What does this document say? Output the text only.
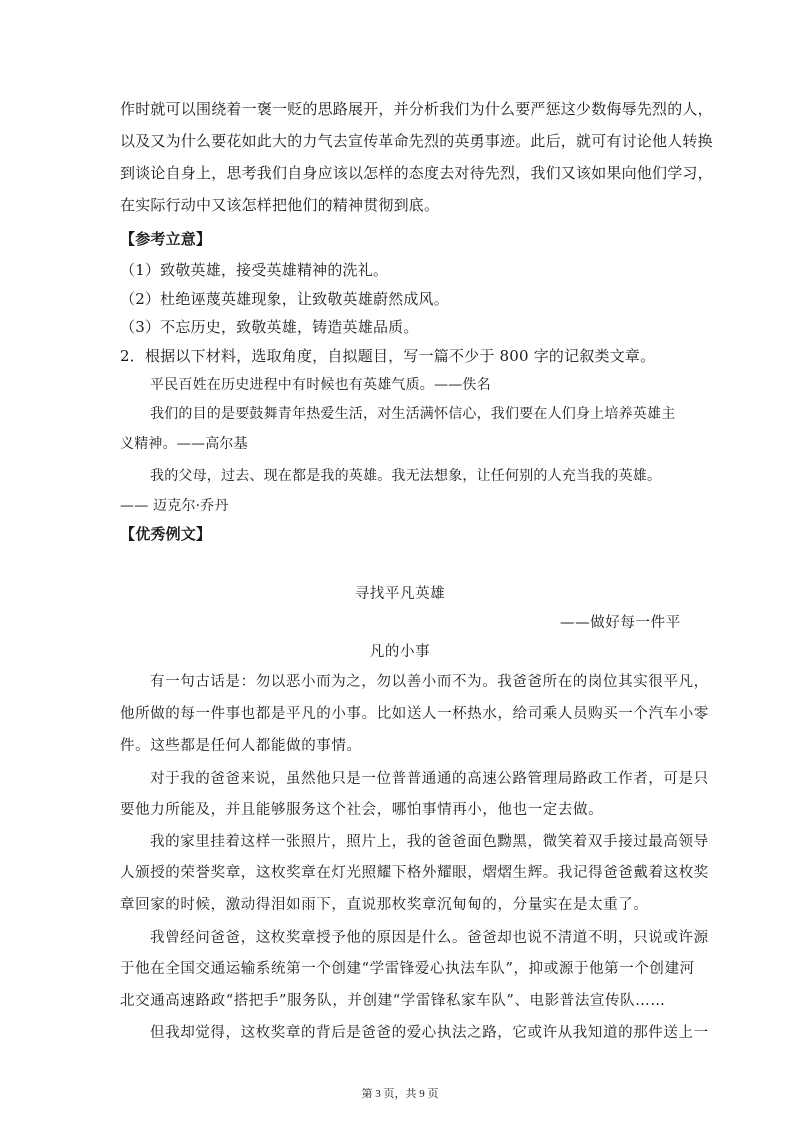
作时就可以围绕着一褒一贬的思路展开，并分析我们为什么要严惩这少数侮辱先烈的人，
以及又为什么要花如此大的力气去宣传革命先烈的英勇事迹。此后，就可有讨论他人转换
到谈论自身上，思考我们自身应该以怎样的态度去对待先烈，我们又该如果向他们学习，
在实际行动中又该怎样把他们的精神贯彻到底。
【参考立意】
（1）致敬英雄，接受英雄精神的洗礼。
（2）杜绝诬蔑英雄现象，让致敬英雄蔚然成风。
（3）不忘历史，致敬英雄，铸造英雄品质。
2．根据以下材料，选取角度，自拟题目，写一篇不少于 800 字的记叙类文章。
平民百姓在历史进程中有时候也有英雄气质。——佚名
我们的目的是要鼓舞青年热爱生活，对生活满怀信心，我们要在人们身上培养英雄主
义精神。——高尔基
我的父母，过去、现在都是我的英雄。我无法想象，让任何别的人充当我的英雄。
—— 迈克尔·乔丹
【优秀例文】
寻找平凡英雄
——做好每一件平
凡的小事
有一句古话是：勿以恶小而为之，勿以善小而不为。我爸爸所在的岗位其实很平凡，
他所做的每一件事也都是平凡的小事。比如送人一杯热水，给司乘人员购买一个汽车小零
件。这些都是任何人都能做的事情。
对于我的爸爸来说，虽然他只是一位普普通通的高速公路管理局路政工作者，可是只
要他力所能及，并且能够服务这个社会，哪怕事情再小，他也一定去做。
我的家里挂着这样一张照片，照片上，我的爸爸面色黝黑，微笑着双手接过最高领导
人颁授的荣誉奖章，这枚奖章在灯光照耀下格外耀眼，熠熠生辉。我记得爸爸戴着这枚奖
章回家的时候，激动得泪如雨下，直说那枚奖章沉甸甸的，分量实在是太重了。
我曾经问爸爸，这枚奖章授予他的原因是什么。爸爸却也说不清道不明，只说或许源
于他在全国交通运输系统第一个创建“学雷锋爱心执法车队”，抑或源于他第一个创建河
北交通高速路政“搭把手”服务队，并创建“学雷锋私家车队”、电影普法宣传队……
但我却觉得，这枚奖章的背后是爸爸的爱心执法之路，它或许从我知道的那件送上一
第 3 页，共 9 页
